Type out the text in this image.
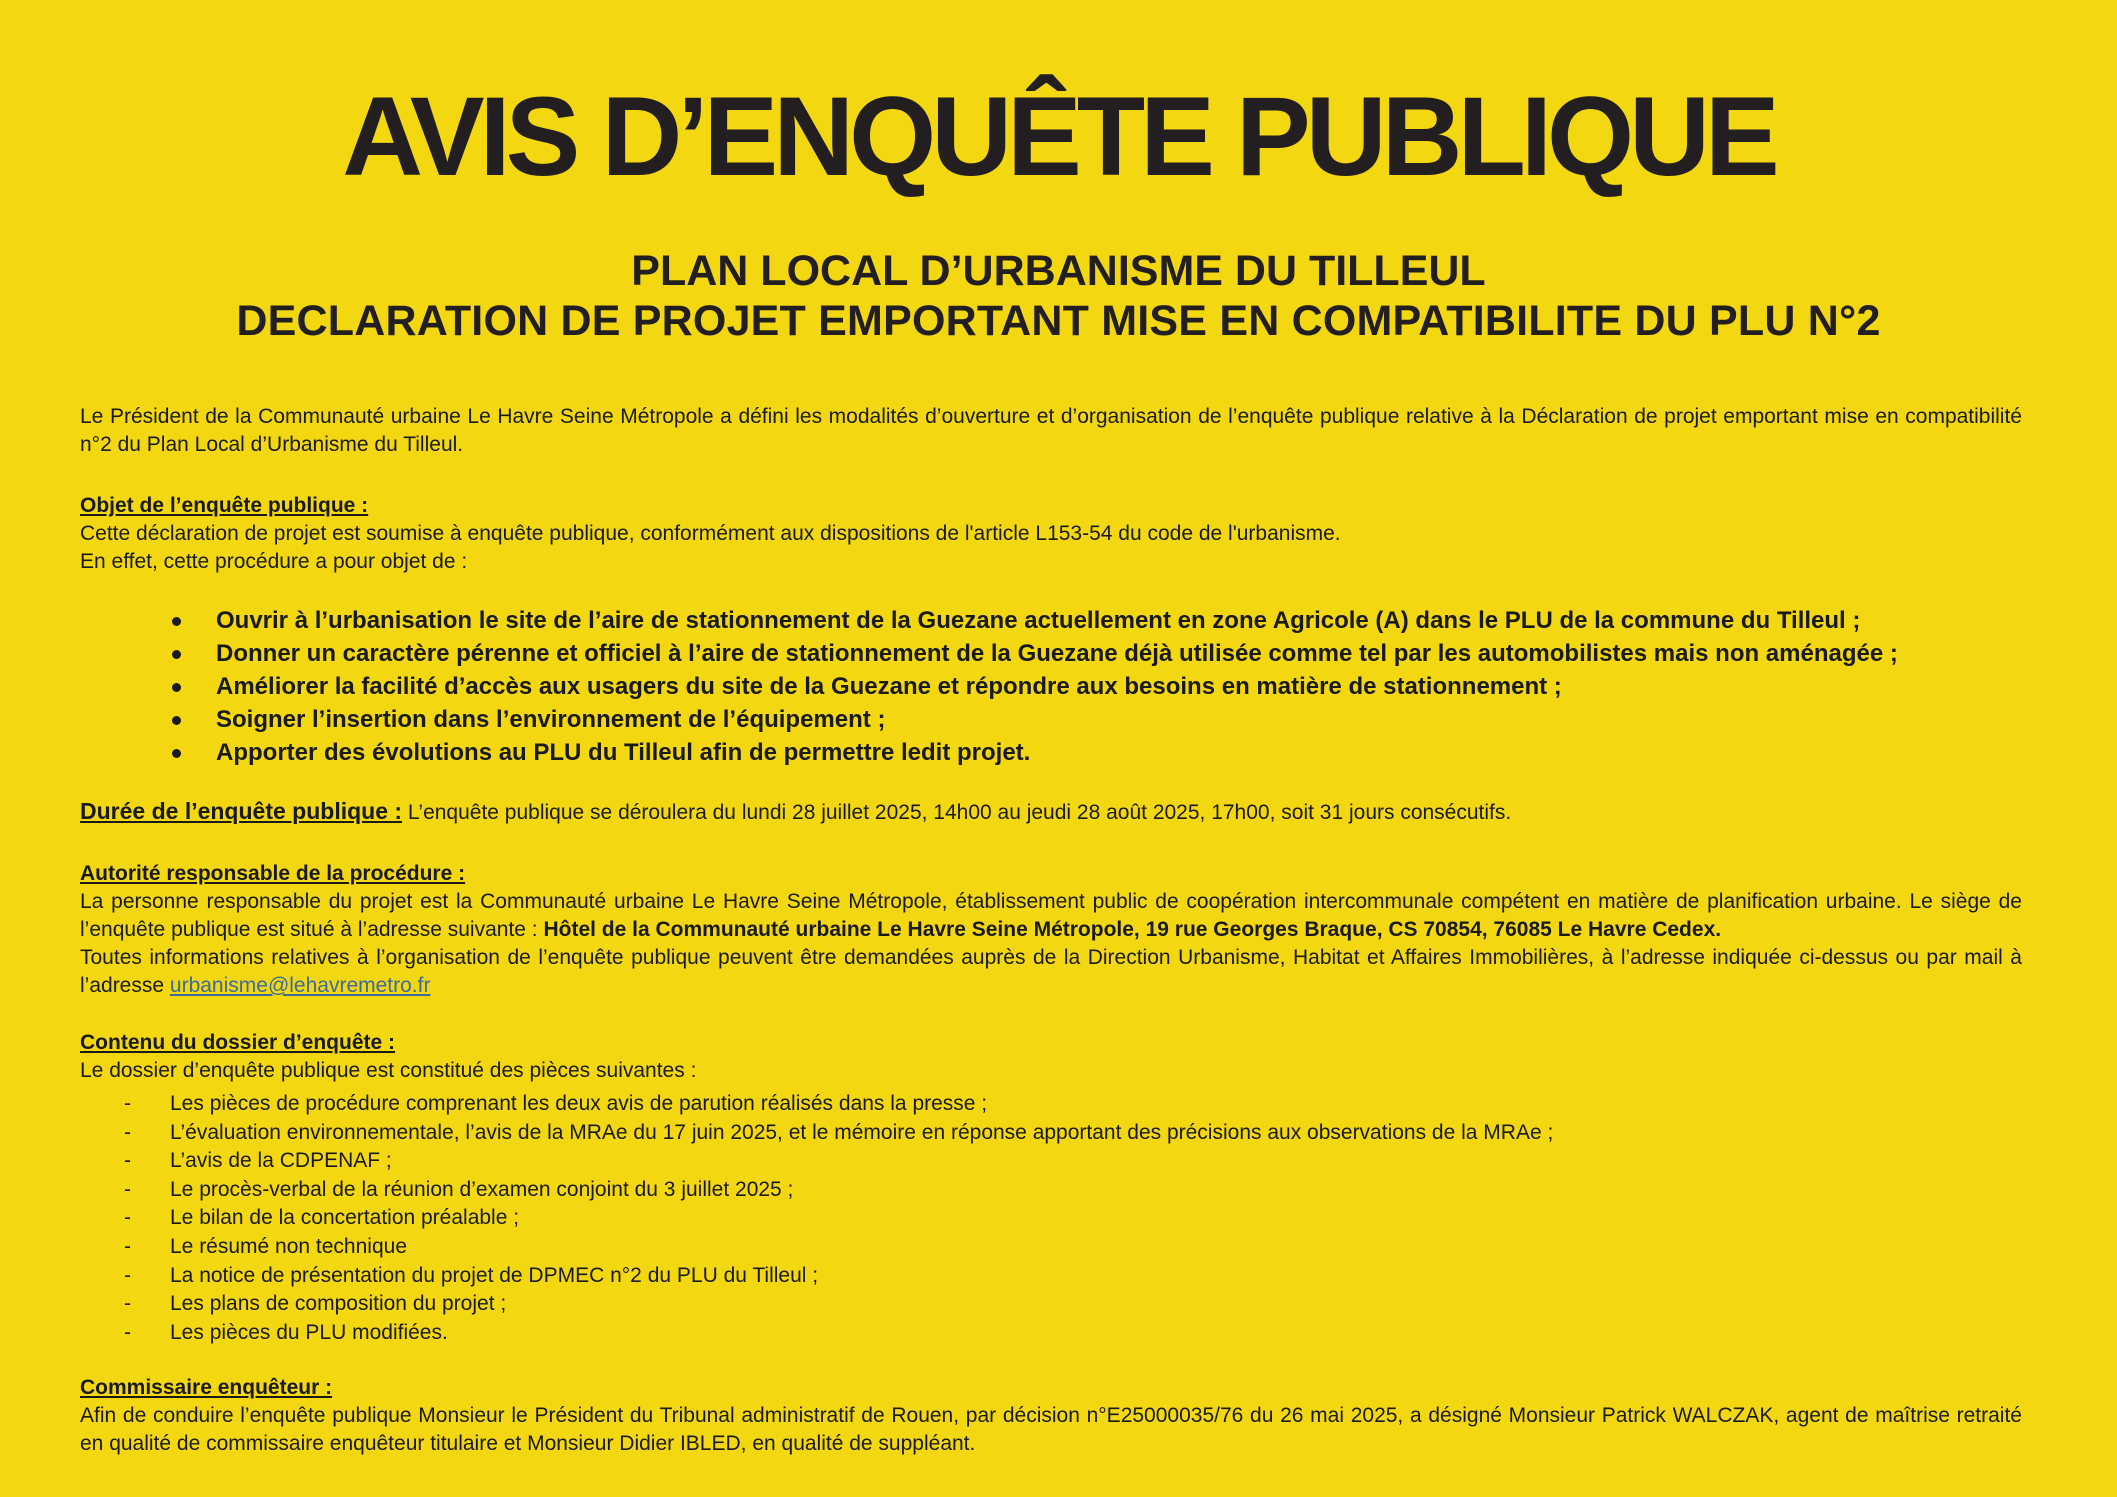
AVIS D’ENQUÊTE PUBLIQUE
PLAN LOCAL D’URBANISME DU TILLEUL
DECLARATION DE PROJET EMPORTANT MISE EN COMPATIBILITE DU PLU N°2

Le Président de la Communauté urbaine Le Havre Seine Métropole a défini les modalités d’ouverture et d’organisation de l’enquête publique relative à la Déclaration de projet emportant mise en compatibilité n°2 du Plan Local d’Urbanisme du Tilleul.

Objet de l’enquête publique :
Cette déclaration de projet est soumise à enquête publique, conformément aux dispositions de l'article L153-54 du code de l'urbanisme.
En effet, cette procédure a pour objet de :
Ouvrir à l’urbanisation le site de l’aire de stationnement de la Guezane actuellement en zone Agricole (A) dans le PLU de la commune du Tilleul ;
Donner un caractère pérenne et officiel à l’aire de stationnement de la Guezane déjà utilisée comme tel par les automobilistes mais non aménagée ;
Améliorer la facilité d’accès aux usagers du site de la Guezane et répondre aux besoins en matière de stationnement ;
Soigner l’insertion dans l’environnement de l’équipement ;
Apporter des évolutions au PLU du Tilleul afin de permettre ledit projet.

Durée de l’enquête publique : L’enquête publique se déroulera du lundi 28 juillet 2025, 14h00 au jeudi 28 août 2025, 17h00, soit 31 jours consécutifs.

Autorité responsable de la procédure :
La personne responsable du projet est la Communauté urbaine Le Havre Seine Métropole, établissement public de coopération intercommunale compétent en matière de planification urbaine. Le siège de l’enquête publique est situé à l’adresse suivante : Hôtel de la Communauté urbaine Le Havre Seine Métropole, 19 rue Georges Braque, CS 70854, 76085 Le Havre Cedex.
Toutes informations relatives à l’organisation de l’enquête publique peuvent être demandées auprès de la Direction Urbanisme, Habitat et Affaires Immobilières, à l’adresse indiquée ci-dessus ou par mail à l’adresse urbanisme@lehavremetro.fr
Contenu du dossier d’enquête :
Le dossier d’enquête publique est constitué des pièces suivantes :
- Les pièces de procédure comprenant les deux avis de parution réalisés dans la presse ;
- L’évaluation environnementale, l’avis de la MRAe du 17 juin 2025, et le mémoire en réponse apportant des précisions aux observations de la MRAe ;
- L’avis de la CDPENAF ;
- Le procès-verbal de la réunion d’examen conjoint du 3 juillet 2025 ;
- Le bilan de la concertation préalable ;
- Le résumé non technique
- La notice de présentation du projet de DPMEC n°2 du PLU du Tilleul ;
- Les plans de composition du projet ;
- Les pièces du PLU modifiées.
Commissaire enquêteur :
Afin de conduire l’enquête publique Monsieur le Président du Tribunal administratif de Rouen, par décision n°E25000035/76 du 26 mai 2025, a désigné Monsieur Patrick WALCZAK, agent de maîtrise retraité en qualité de commissaire enquêteur titulaire et Monsieur Didier IBLED, en qualité de suppléant.
